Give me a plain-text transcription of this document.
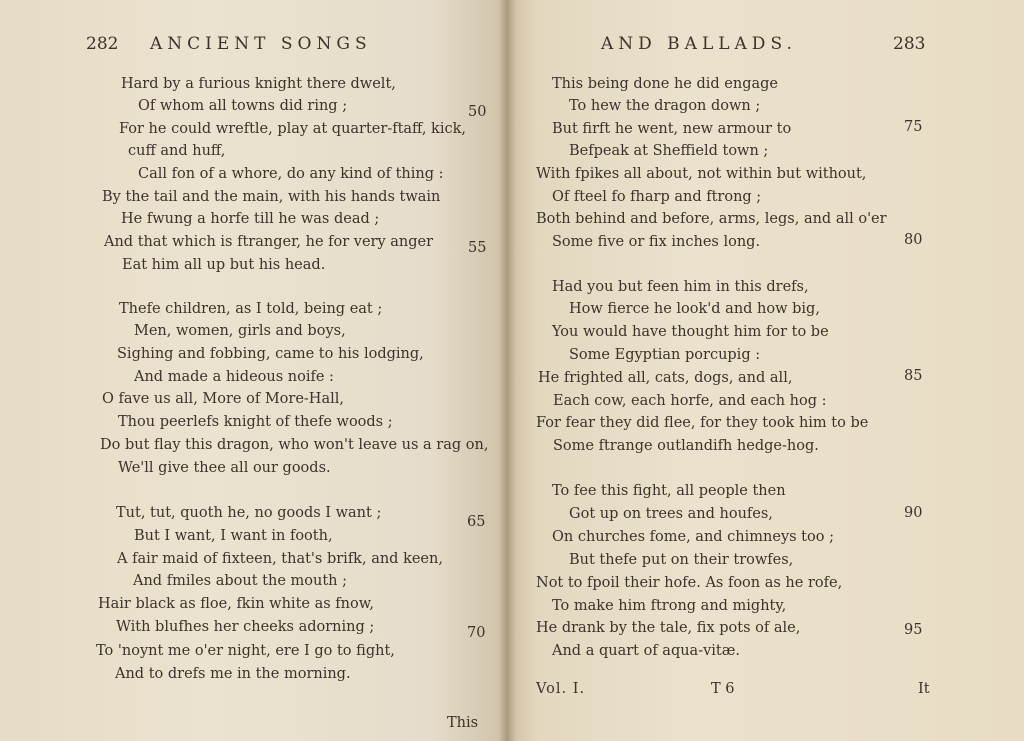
282 ANCIENT SONGS
Hard by a furious knight there dwelt,
Of whom all towns did ring ;
For he could wreftle, play at quarter-ftaff, kick,
cuff and huff,
Call fon of a whore, do any kind of thing :
By the tail and the main, with his hands twain
He fwung a horfe till he was dead ;
And that which is ftranger, he for very anger
Eat him all up but his head.
Thefe children, as I told, being eat ;
Men, women, girls and boys,
Sighing and fobbing, came to his lodging,
And made a hideous noife :
O fave us all, More of More-Hall,
Thou peerlefs knight of thefe woods ;
Do but flay this dragon, who won't leave us a rag on,
We'll give thee all our goods.
Tut, tut, quoth he, no goods I want ;
But I want, I want in footh,
A fair maid of fixteen, that's brifk, and keen,
And fmiles about the mouth ;
Hair black as floe, fkin white as fnow,
With blufhes her cheeks adorning ;
To 'noynt me o'er night, ere I go to fight,
And to drefs me in the morning.
50
55
65
70
This
AND BALLADS.	283
This being done he did engage
To hew the dragon down ;
But firft he went, new armour to
Befpeak at Sheffield town ;
With fpikes all about, not within but without,
Of fteel fo fharp and ftrong ;
Both behind and before, arms, legs, and all o'er
Some five or fix inches long.
Had you but feen him in this drefs,
How fierce he look'd and how big,
You would have thought him for to be
Some Egyptian porcupig :
He frighted all, cats, dogs, and all,
Each cow, each horfe, and each hog :
For fear they did flee, for they took him to be
Some ftrange outlandifh hedge-hog.
To fee this fight, all people then
Got up on trees and houfes,
On churches fome, and chimneys too ;
But thefe put on their trowfes,
Not to fpoil their hofe. As foon as he rofe,
To make him ftrong and mighty,
He drank by the tale, fix pots of ale,
And a quart of aqua-vitæ.
75
80
85
90
95
Vol. I.	T 6	It
